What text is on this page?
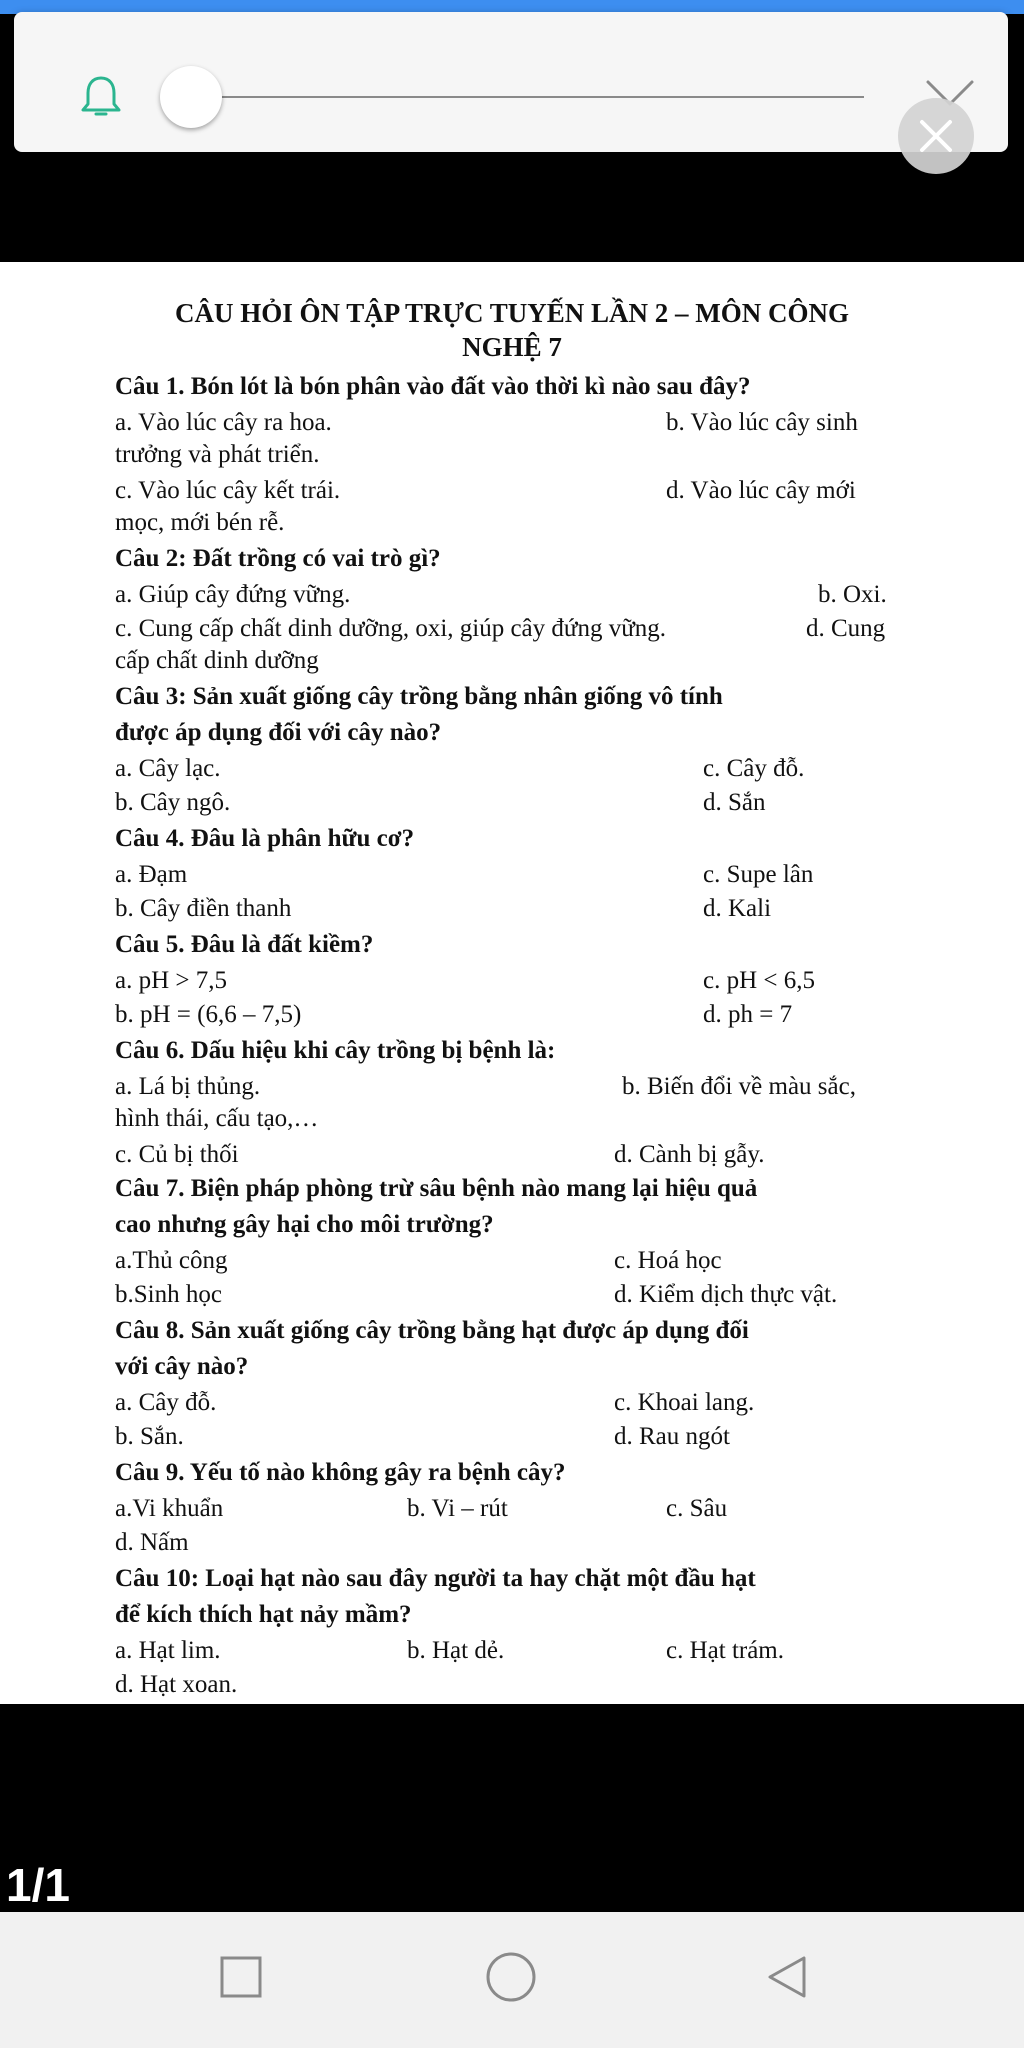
CÂU HỎI ÔN TẬP TRỰC TUYẾN LẦN 2 – MÔN CÔNG
NGHỆ 7
Câu 1. Bón lót là bón phân vào đất vào thời kì nào sau đây?
a. Vào lúc cây ra hoa.	b. Vào lúc cây sinh
trưởng và phát triển.
c. Vào lúc cây kết trái.	d. Vào lúc cây mới
mọc, mới bén rễ.
Câu 2: Đất trồng có vai trò gì?
a. Giúp cây đứng vững.	b. Oxi.
c. Cung cấp chất dinh dưỡng, oxi, giúp cây đứng vững.	d. Cung
cấp chất dinh dưỡng
Câu 3: Sản xuất giống cây trồng bằng nhân giống vô tính
được áp dụng đối với cây nào?
a. Cây lạc.	c. Cây đỗ.
b. Cây ngô.	d. Sắn
Câu 4. Đâu là phân hữu cơ?
a. Đạm	c. Supe lân
b. Cây điền thanh	d. Kali
Câu 5. Đâu là đất kiềm?
a. pH > 7,5	c. pH < 6,5
b. pH = (6,6 – 7,5)	d. ph = 7
Câu 6. Dấu hiệu khi cây trồng bị bệnh là:
a. Lá bị thủng.	b. Biến đổi về màu sắc,
hình thái, cấu tạo,…
c. Củ bị thối	d. Cành bị gẫy.
Câu 7. Biện pháp phòng trừ sâu bệnh nào mang lại hiệu quả
cao nhưng gây hại cho môi trường?
a.Thủ công	c. Hoá học
b.Sinh học	d. Kiểm dịch thực vật.
Câu 8. Sản xuất giống cây trồng bằng hạt được áp dụng đối
với cây nào?
a. Cây đỗ.	c. Khoai lang.
b. Sắn.	d. Rau ngót
Câu 9. Yếu tố nào không gây ra bệnh cây?
a.Vi khuẩn	b. Vi – rút	c. Sâu
d. Nấm
Câu 10: Loại hạt nào sau đây người ta hay chặt một đầu hạt
để kích thích hạt nảy mầm?
a. Hạt lim.	b. Hạt dẻ.	c. Hạt trám.
d. Hạt xoan.
1/1
